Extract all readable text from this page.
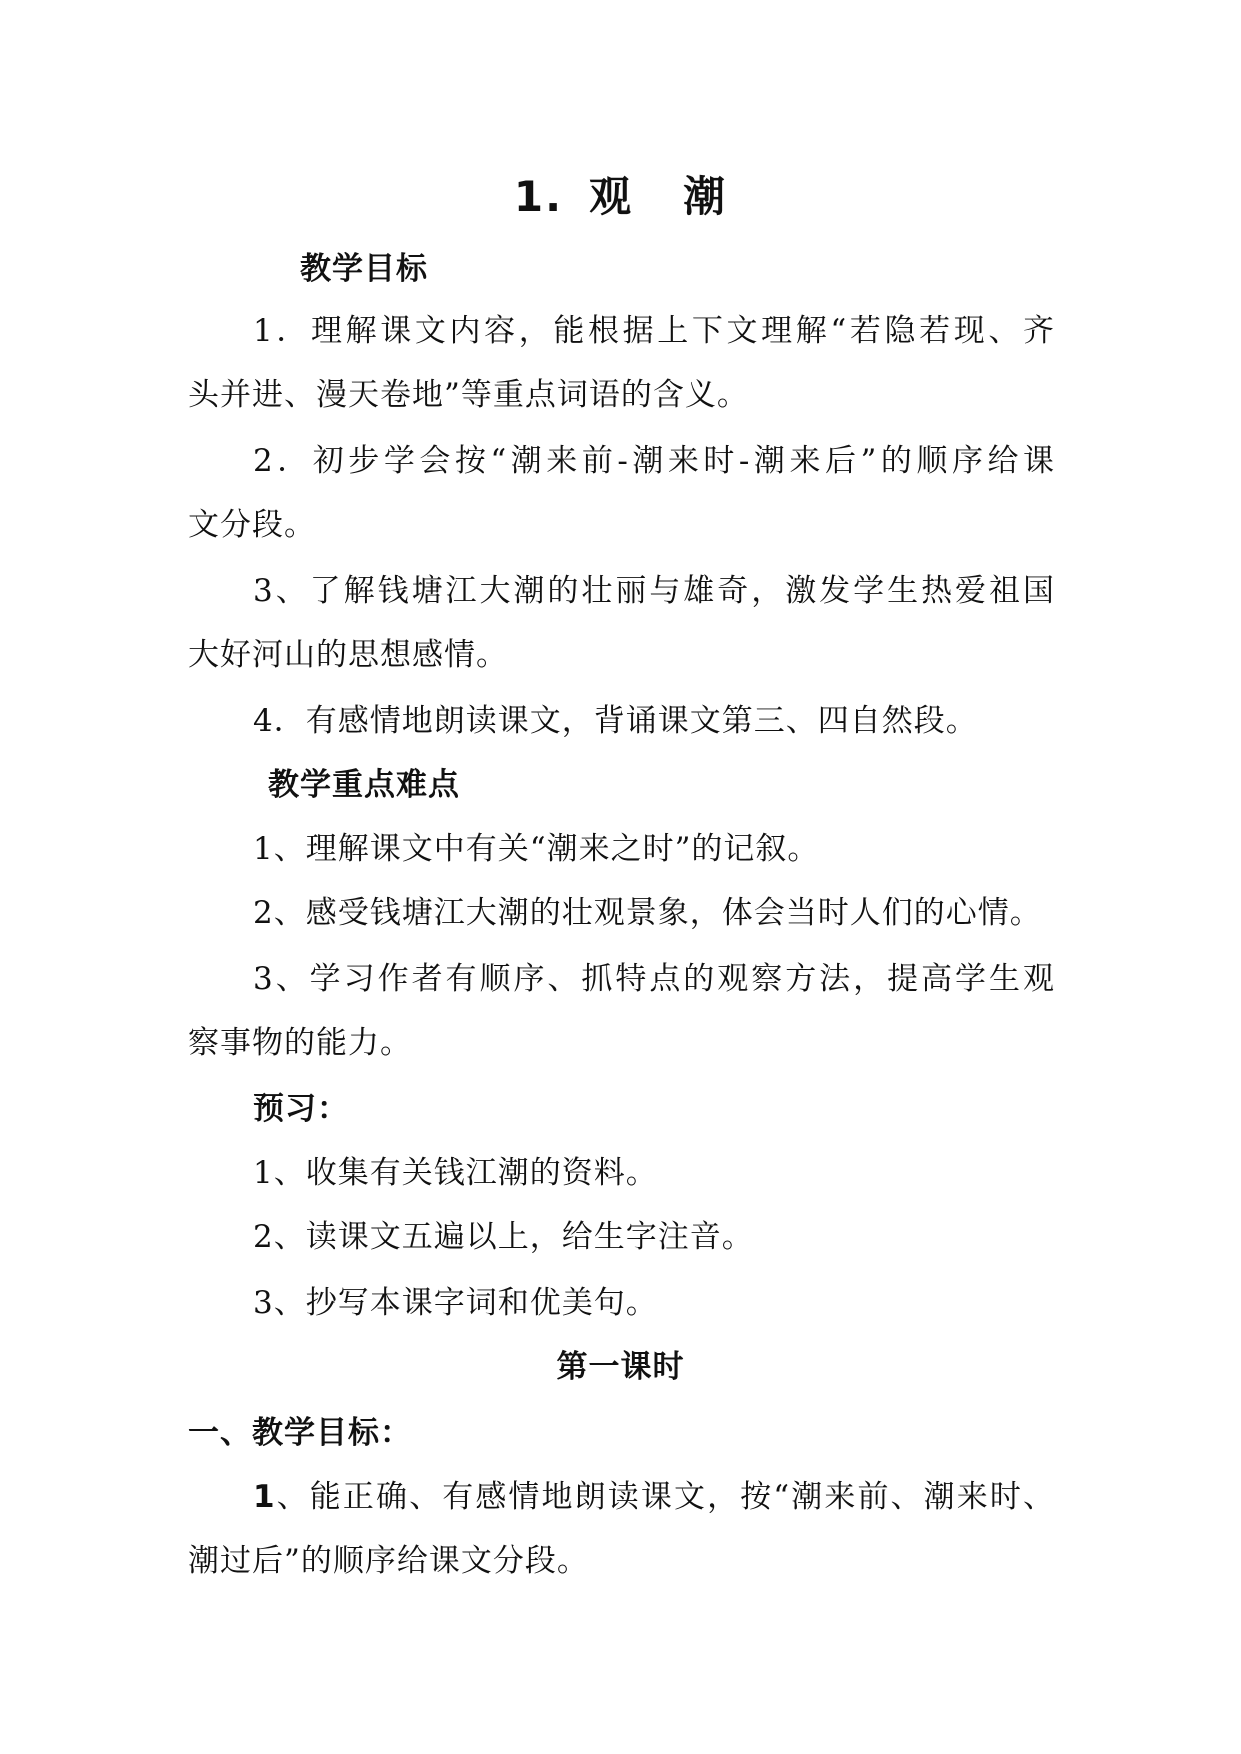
1. 观 潮
教学目标
1．理解课文内容，能根据上下文理解“若隐若现、齐
头并进、漫天卷地”等重点词语的含义。
2．初步学会按“潮来前-潮来时-潮来后”的顺序给课
文分段。
3、了解钱塘江大潮的壮丽与雄奇，激发学生热爱祖国
大好河山的思想感情。
4．有感情地朗读课文，背诵课文第三、四自然段。
教学重点难点
1、理解课文中有关“潮来之时”的记叙。
2、感受钱塘江大潮的壮观景象，体会当时人们的心情。
3、学习作者有顺序、抓特点的观察方法，提高学生观
察事物的能力。
预习：
1、收集有关钱江潮的资料。
2、读课文五遍以上，给生字注音。
3、抄写本课字词和优美句。
第一课时
一、教学目标：
1、能正确、有感情地朗读课文，按“潮来前、潮来时、
潮过后”的顺序给课文分段。
